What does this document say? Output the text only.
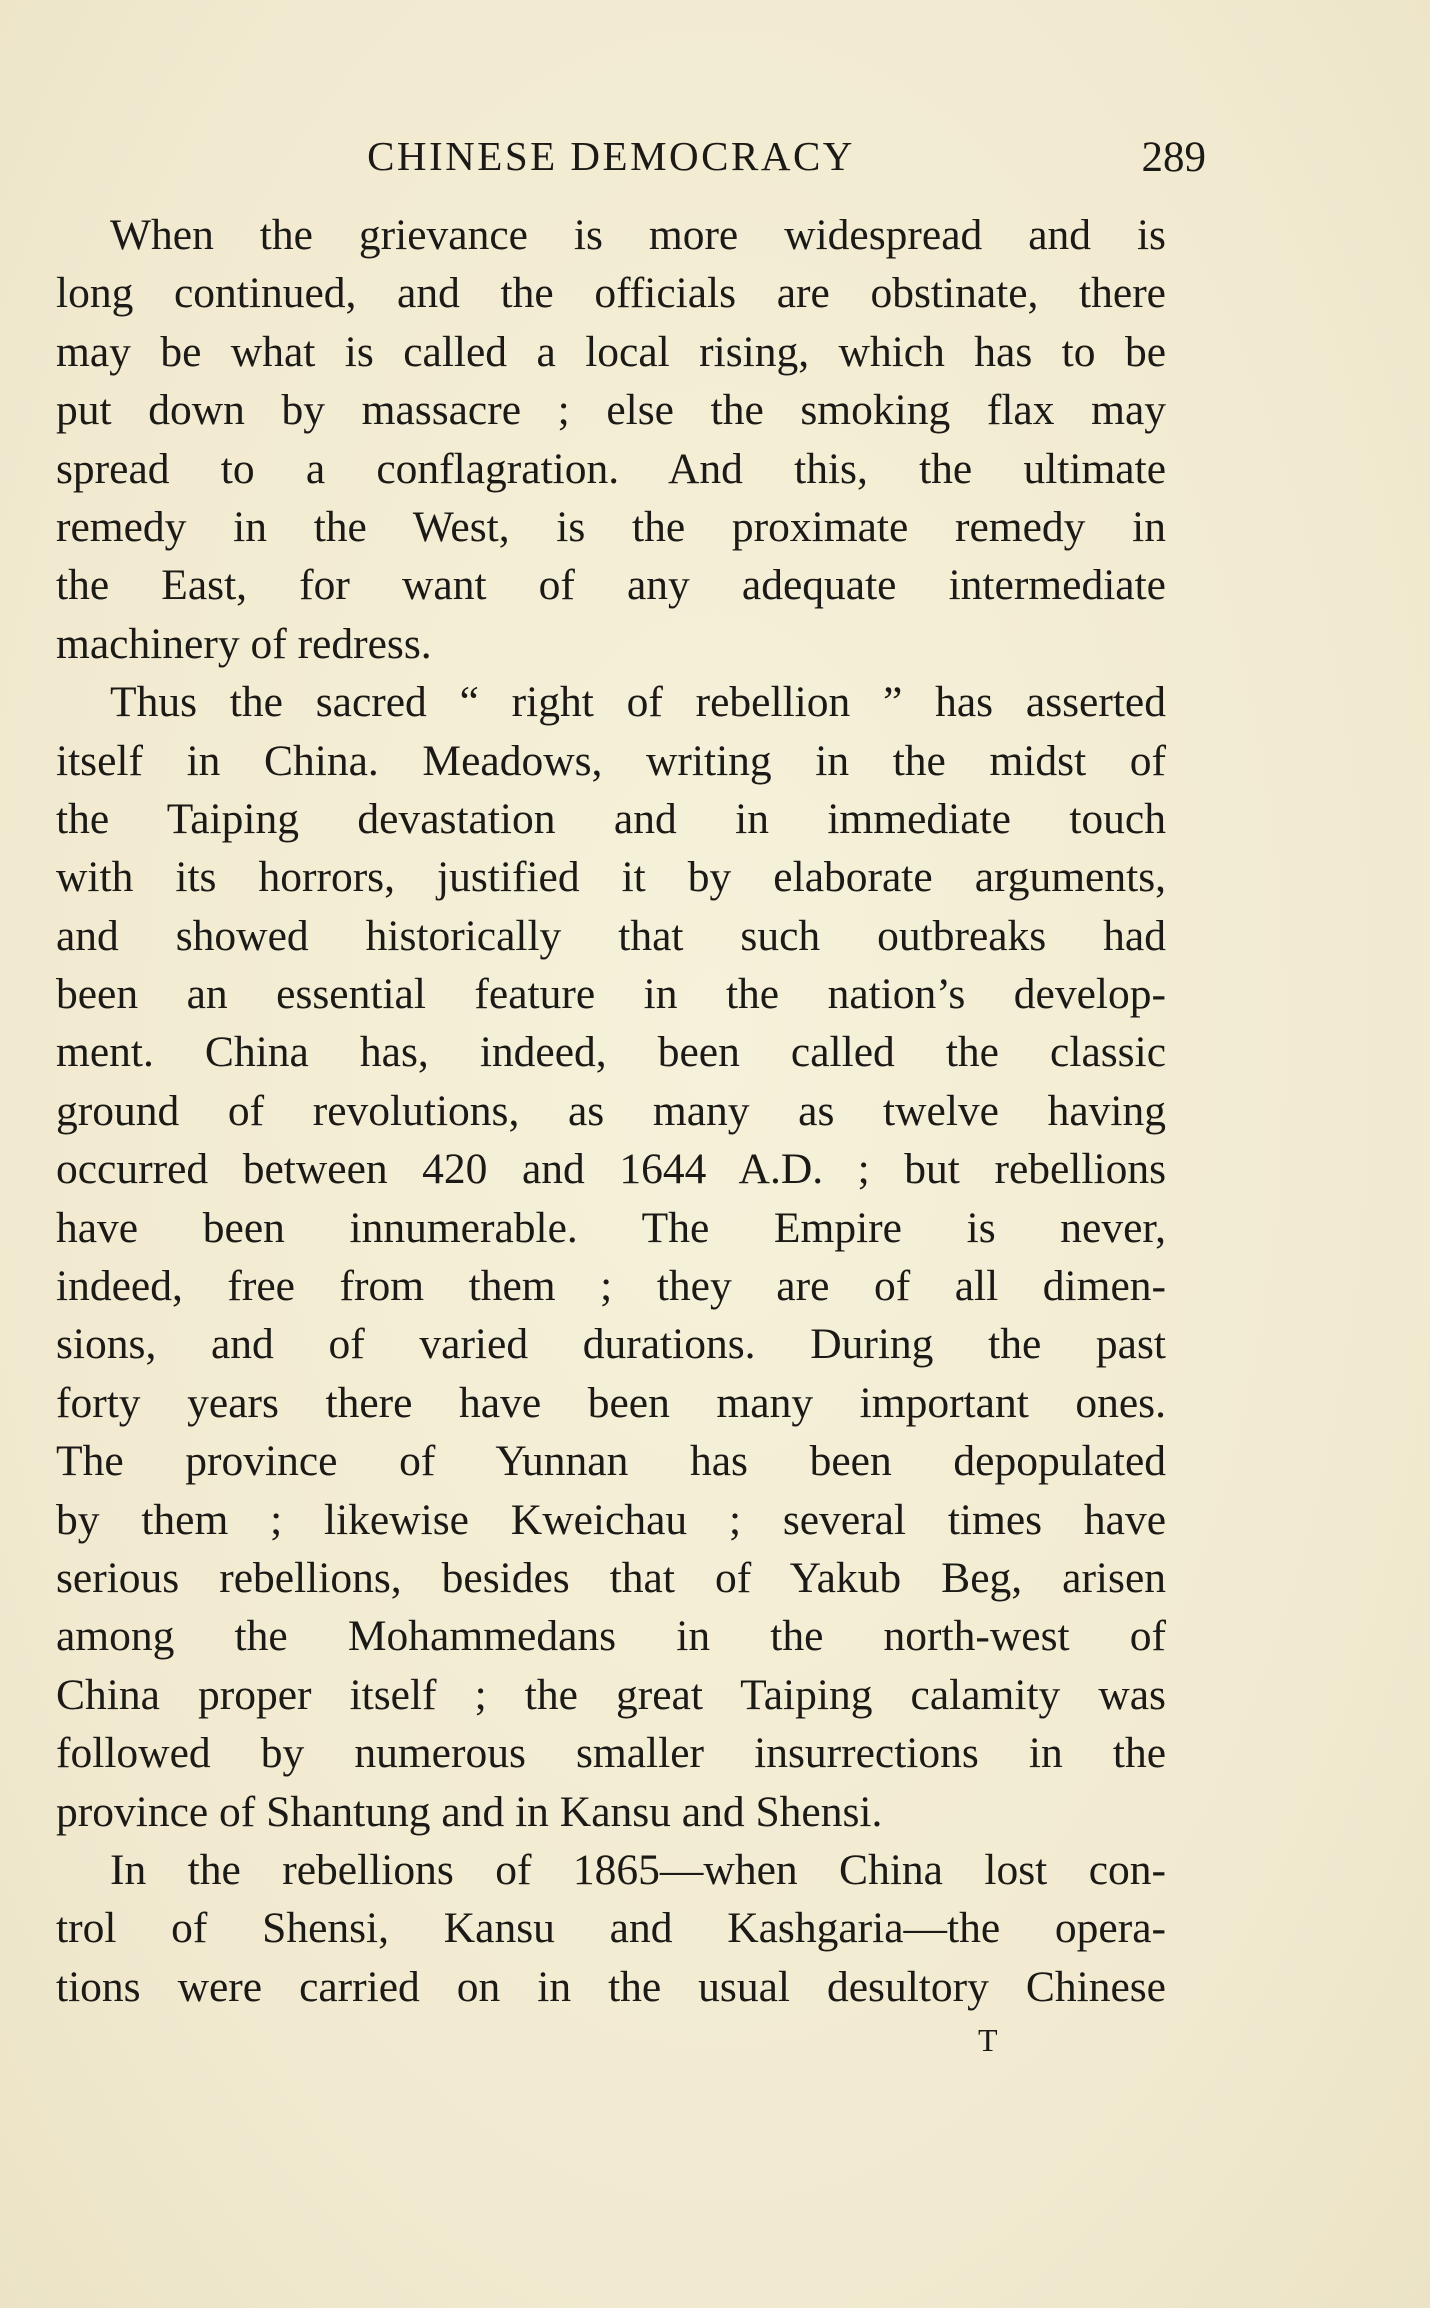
CHINESE DEMOCRACY	289
When the grievance is more widespread and is
long continued, and the officials are obstinate, there
may be what is called a local rising, which has to be
put down by massacre ; else the smoking flax may
spread to a conflagration. And this, the ultimate
remedy in the West, is the proximate remedy in
the East, for want of any adequate intermediate
machinery of redress.
Thus the sacred “ right of rebellion ” has asserted
itself in China. Meadows, writing in the midst of
the Taiping devastation and in immediate touch
with its horrors, justified it by elaborate arguments,
and showed historically that such outbreaks had
been an essential feature in the nation’s develop-
ment. China has, indeed, been called the classic
ground of revolutions, as many as twelve having
occurred between 420 and 1644 A.D. ; but rebellions
have been innumerable. The Empire is never,
indeed, free from them ; they are of all dimen-
sions, and of varied durations. During the past
forty years there have been many important ones.
The province of Yunnan has been depopulated
by them ; likewise Kweichau ; several times have
serious rebellions, besides that of Yakub Beg, arisen
among the Mohammedans in the north-west of
China proper itself ; the great Taiping calamity was
followed by numerous smaller insurrections in the
province of Shantung and in Kansu and Shensi.
In the rebellions of 1865—when China lost con-
trol of Shensi, Kansu and Kashgaria—the opera-
tions were carried on in the usual desultory Chinese
T
